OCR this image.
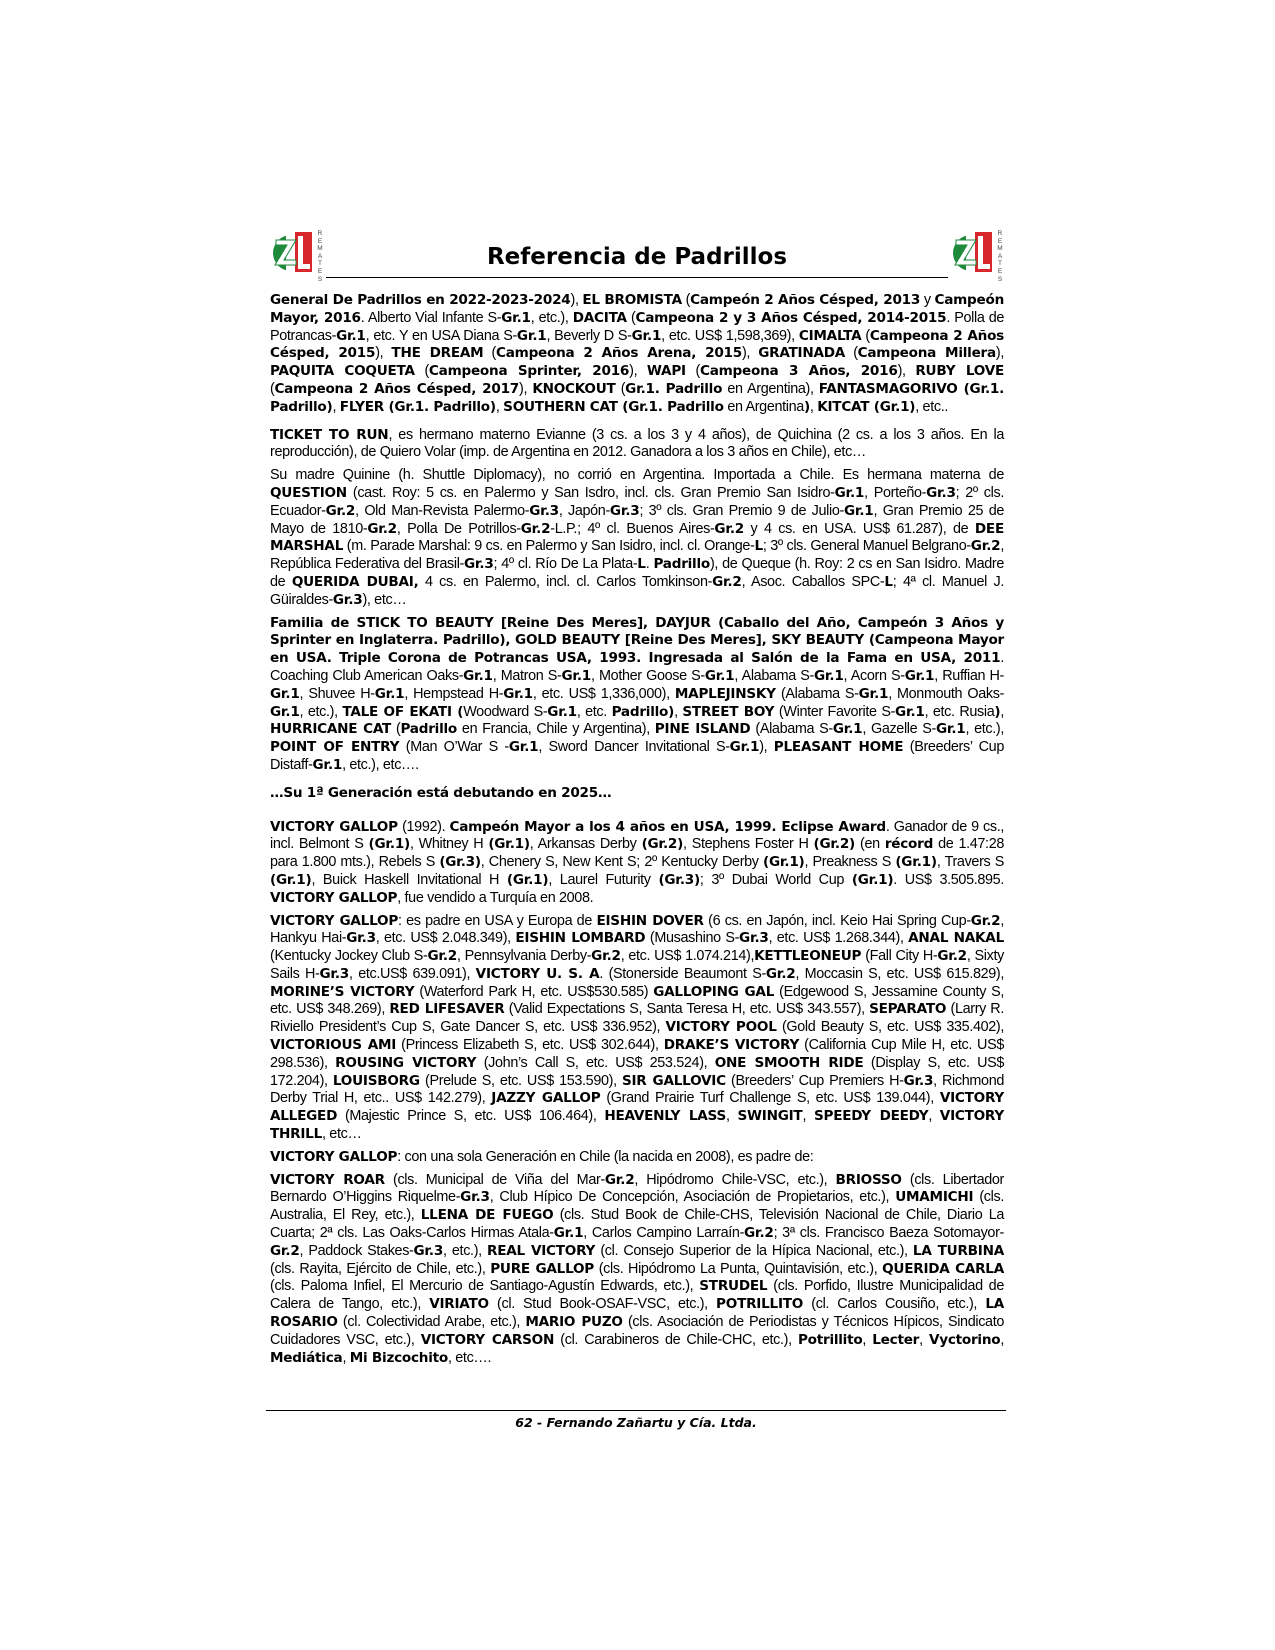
R
E
M
A
T
E
S
Referencia de Padrillos
R
E
M
A
T
E
S

General De Padrillos en 2022-2023-2024), EL BROMISTA (Campeón 2 Años Césped, 2013 y Campeón Mayor, 2016. Alberto Vial Infante S-Gr.1, etc.), DACITA (Campeona 2 y 3 Años Césped, 2014-2015. Polla de Potrancas-Gr.1, etc. Y en USA Diana S-Gr.1, Beverly D S-Gr.1, etc. US$ 1,598,369), CIMALTA (Campeona 2 Años Césped, 2015), THE DREAM (Campeona 2 Años Arena, 2015), GRATINADA (Campeona Millera), PAQUITA COQUETA (Campeona Sprinter, 2016), WAPI (Campeona 3 Años, 2016), RUBY LOVE (Campeona 2 Años Césped, 2017), KNOCKOUT (Gr.1. Padrillo en Argentina), FANTASMAGORIVO (Gr.1. Padrillo), FLYER (Gr.1. Padrillo), SOUTHERN CAT (Gr.1. Padrillo en Argentina), KITCAT (Gr.1), etc..

TICKET TO RUN, es hermano materno Evianne (3 cs. a los 3 y 4 años), de Quichina (2 cs. a los 3 años. En la reproducción), de Quiero Volar (imp. de Argentina en 2012. Ganadora a los 3 años en Chile), etc…

Su madre Quinine (h. Shuttle Diplomacy), no corrió en Argentina. Importada a Chile. Es hermana materna de QUESTION (cast. Roy: 5 cs. en Palermo y San Isdro, incl. cls. Gran Premio San Isidro-Gr.1, Porteño-Gr.3; 2º cls. Ecuador-Gr.2, Old Man-Revista Palermo-Gr.3, Japón-Gr.3; 3º cls. Gran Premio 9 de Julio-Gr.1, Gran Premio 25 de Mayo de 1810-Gr.2, Polla De Potrillos-Gr.2-L.P.; 4º cl. Buenos Aires-Gr.2 y 4 cs. en USA. US$ 61.287), de DEE MARSHAL (m. Parade Marshal: 9 cs. en Palermo y San Isidro, incl. cl. Orange-L; 3º cls. General Manuel Belgrano-Gr.2, República Federativa del Brasil-Gr.3; 4º cl. Río De La Plata-L. Padrillo), de Queque (h. Roy: 2 cs en San Isidro. Madre de QUERIDA DUBAI, 4 cs. en Palermo, incl. cl. Carlos Tomkinson-Gr.2, Asoc. Caballos SPC-L; 4ª cl. Manuel J. Güiraldes-Gr.3), etc…

Familia de STICK TO BEAUTY [Reine Des Meres], DAYJUR (Caballo del Año, Campeón 3 Años y Sprinter en Inglaterra. Padrillo), GOLD BEAUTY [Reine Des Meres], SKY BEAUTY (Campeona Mayor en USA. Triple Corona de Potrancas USA, 1993. Ingresada al Salón de la Fama en USA, 2011. Coaching Club American Oaks-Gr.1, Matron S-Gr.1, Mother Goose S-Gr.1, Alabama S-Gr.1, Acorn S-Gr.1, Ruffian H-Gr.1, Shuvee H-Gr.1, Hempstead H-Gr.1, etc. US$ 1,336,000), MAPLEJINSKY (Alabama S-Gr.1, Monmouth Oaks-Gr.1, etc.), TALE OF EKATI (Woodward S-Gr.1, etc. Padrillo), STREET BOY (Winter Favorite S-Gr.1, etc. Rusia), HURRICANE CAT (Padrillo en Francia, Chile y Argentina), PINE ISLAND (Alabama S-Gr.1, Gazelle S-Gr.1, etc.), POINT OF ENTRY (Man O’War S -Gr.1, Sword Dancer Invitational S-Gr.1), PLEASANT HOME (Breeders’ Cup Distaff-Gr.1, etc.), etc….

…Su 1ª Generación está debutando en 2025…

VICTORY GALLOP (1992). Campeón Mayor a los 4 años en USA, 1999. Eclipse Award. Ganador de 9 cs., incl. Belmont S (Gr.1), Whitney H (Gr.1), Arkansas Derby (Gr.2), Stephens Foster H (Gr.2) (en récord de 1.47:28 para 1.800 mts.), Rebels S (Gr.3), Chenery S, New Kent S; 2º Kentucky Derby (Gr.1), Preakness S (Gr.1), Travers S (Gr.1), Buick Haskell Invitational H (Gr.1), Laurel Futurity (Gr.3); 3º Dubai World Cup (Gr.1). US$ 3.505.895. VICTORY GALLOP, fue vendido a Turquía en 2008.

VICTORY GALLOP: es padre en USA y Europa de EISHIN DOVER (6 cs. en Japón, incl. Keio Hai Spring Cup-Gr.2, Hankyu Hai-Gr.3, etc. US$ 2.048.349), EISHIN LOMBARD (Musashino S-Gr.3, etc. US$ 1.268.344), ANAL NAKAL (Kentucky Jockey Club S-Gr.2, Pennsylvania Derby-Gr.2, etc. US$ 1.074.214),KETTLEONEUP (Fall City H-Gr.2, Sixty Sails H-Gr.3, etc.US$ 639.091), VICTORY U. S. A. (Stonerside Beaumont S-Gr.2, Moccasin S, etc. US$ 615.829), MORINE’S VICTORY (Waterford Park H, etc. US$530.585) GALLOPING GAL (Edgewood S, Jessamine County S, etc. US$ 348.269), RED LIFESAVER (Valid Expectations S, Santa Teresa H, etc. US$ 343.557), SEPARATO (Larry R. Riviello President’s Cup S, Gate Dancer S, etc. US$ 336.952), VICTORY POOL (Gold Beauty S, etc. US$ 335.402), VICTORIOUS AMI (Princess Elizabeth S, etc. US$ 302.644), DRAKE’S VICTORY (California Cup Mile H, etc. US$ 298.536), ROUSING VICTORY (John’s Call S, etc. US$ 253.524), ONE SMOOTH RIDE (Display S, etc. US$ 172.204), LOUISBORG (Prelude S, etc. US$ 153.590), SIR GALLOVIC (Breeders’ Cup Premiers H-Gr.3, Richmond Derby Trial H, etc.. US$ 142.279), JAZZY GALLOP (Grand Prairie Turf Challenge S, etc. US$ 139.044), VICTORY ALLEGED (Majestic Prince S, etc. US$ 106.464), HEAVENLY LASS, SWINGIT, SPEEDY DEEDY, VICTORY THRILL, etc…

VICTORY GALLOP: con una sola Generación en Chile (la nacida en 2008), es padre de:

VICTORY ROAR (cls. Municipal de Viña del Mar-Gr.2, Hipódromo Chile-VSC, etc.), BRIOSSO (cls. Libertador Bernardo O’Higgins Riquelme-Gr.3, Club Hípico De Concepción, Asociación de Propietarios, etc.), UMAMICHI (cls. Australia, El Rey, etc.), LLENA DE FUEGO (cls. Stud Book de Chile-CHS, Televisión Nacional de Chile, Diario La Cuarta; 2ª cls. Las Oaks-Carlos Hirmas Atala-Gr.1, Carlos Campino Larraín-Gr.2; 3ª cls. Francisco Baeza Sotomayor-Gr.2, Paddock Stakes-Gr.3, etc.), REAL VICTORY (cl. Consejo Superior de la Hípica Nacional, etc.), LA TURBINA (cls. Rayita, Ejército de Chile, etc.), PURE GALLOP (cls. Hipódromo La Punta, Quintavisión, etc.), QUERIDA CARLA (cls. Paloma Infiel, El Mercurio de Santiago-Agustín Edwards, etc.), STRUDEL (cls. Porfido, Ilustre Municipalidad de Calera de Tango, etc.), VIRIATO (cl. Stud Book-OSAF-VSC, etc.), POTRILLITO (cl. Carlos Cousiño, etc.), LA ROSARIO (cl. Colectividad Arabe, etc.), MARIO PUZO (cls. Asociación de Periodistas y Técnicos Hípicos, Sindicato Cuidadores VSC, etc.), VICTORY CARSON (cl. Carabineros de Chile-CHC, etc.), Potrillito, Lecter, Vyctorino, Mediática, Mi Bizcochito, etc….

62 - Fernando Zañartu y Cía. Ltda.
